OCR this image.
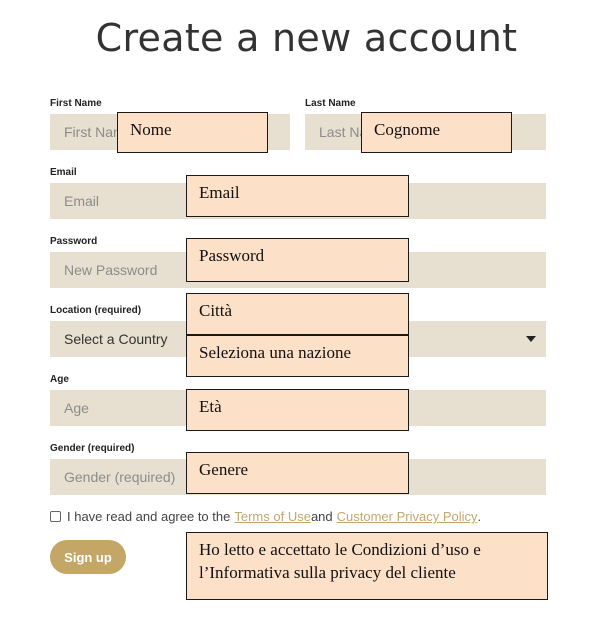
Create a new account
First Name
First Name	Last Name
Last Name
Email
Email
Password
Location (required)
Select a Country
Age
Age
Gender (required)
Gender (required)
I have read and agree to the Terms of Use and Customer Privacy Policy .
Sign up
Nome	Cognome
Email
Password
Città
Seleziona una nazione
Età
Genere
Ho letto e accettato le Condizioni d’uso e l’Informativa sulla privacy del cliente
